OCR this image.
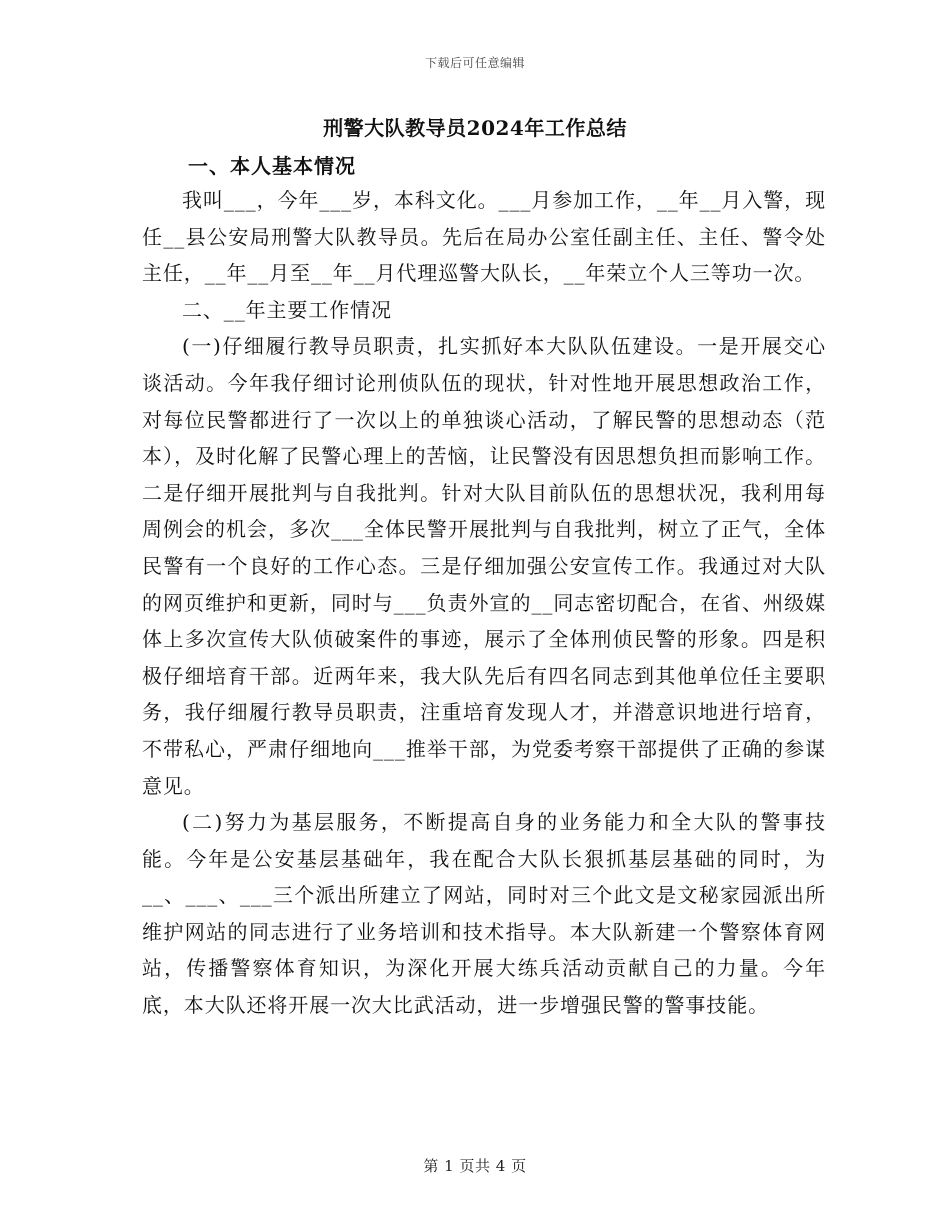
下载后可任意编辑
刑警大队教导员2024年工作总结
一、本人基本情况

我叫___，今年___岁，本科文化。___月参加工作，__年__月入警，现任__县公安局刑警大队教导员。先后在局办公室任副主任、主任、警令处主任，__年__月至__年__月代理巡警大队长，__年荣立个人三等功一次。

二、__年主要工作情况

(一)仔细履行教导员职责，扎实抓好本大队队伍建设。一是开展交心谈活动。今年我仔细讨论刑侦队伍的现状，针对性地开展思想政治工作，对每位民警都进行了一次以上的单独谈心活动，了解民警的思想动态（范本），及时化解了民警心理上的苦恼，让民警没有因思想负担而影响工作。二是仔细开展批判与自我批判。针对大队目前队伍的思想状况，我利用每周例会的机会，多次___全体民警开展批判与自我批判，树立了正气，全体民警有一个良好的工作心态。三是仔细加强公安宣传工作。我通过对大队的网页维护和更新，同时与___负责外宣的__同志密切配合，在省、州级媒体上多次宣传大队侦破案件的事迹，展示了全体刑侦民警的形象。四是积极仔细培育干部。近两年来，我大队先后有四名同志到其他单位任主要职务，我仔细履行教导员职责，注重培育发现人才，并潜意识地进行培育，不带私心，严肃仔细地向___推举干部，为党委考察干部提供了正确的参谋意见。

(二)努力为基层服务，不断提高自身的业务能力和全大队的警事技能。今年是公安基层基础年，我在配合大队长狠抓基层基础的同时，为__、___、___三个派出所建立了网站，同时对三个此文是文秘家园派出所维护网站的同志进行了业务培训和技术指导。本大队新建一个警察体育网站，传播警察体育知识，为深化开展大练兵活动贡献自己的力量。今年底，本大队还将开展一次大比武活动，进一步增强民警的警事技能。

第 1 页共 4 页
